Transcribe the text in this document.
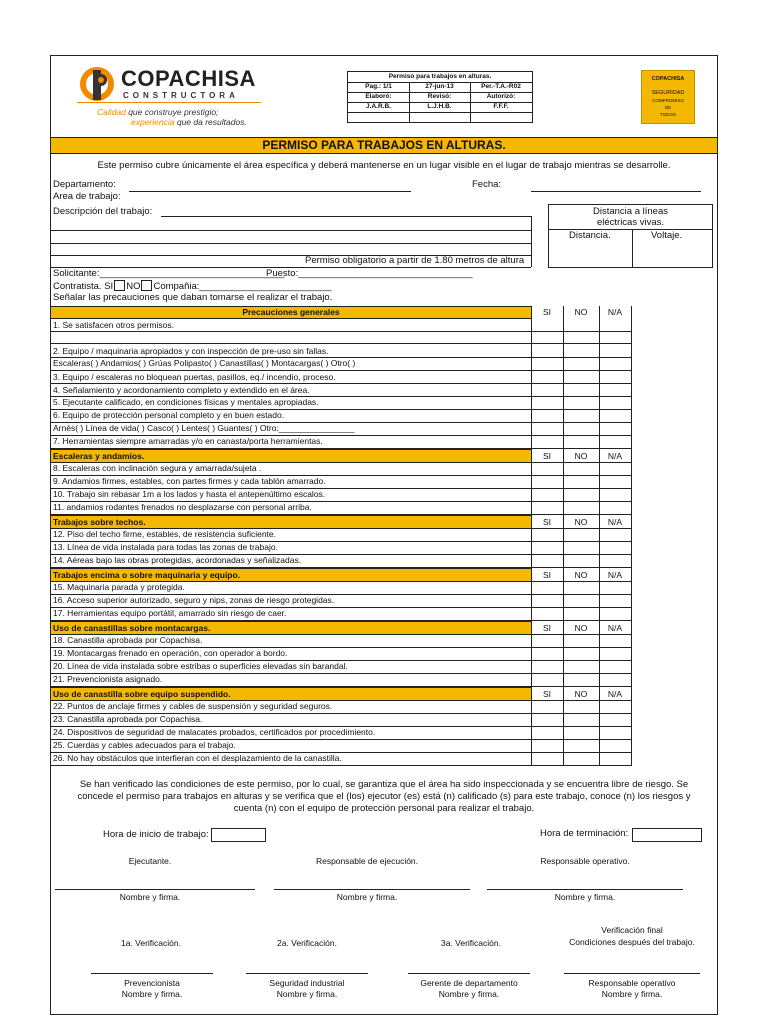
COPACHISA
CONSTRUCTORA
Calidad que construye prestigio;
experiencia que da resultados.
Permiso para trabajos en alturas.
Pag.: 1/1	27-jun-13	Per.-T.A.-R02
Elaboró:	Revisó:	Autorizó:
J.A.R.B.	L.J.H.B.	F.F.F.
COPACHISA
SEGURIDAD
COMPROMISO
DE
TODOS
PERMISO PARA TRABAJOS EN ALTURAS.
Este permiso cubre únicamente el área específica y deberá mantenerse en un lugar visible en el lugar de trabajo mientras se desarrolle.
Departamento:	Fecha:
Area de trabajo:
Descripción del trabajo:
Permiso obligatorio a partir de 1.80 metros de altura
Distancia a líneas
eléctricas vivas.
Distancia.	Voltaje.
Solicitante:___________________________________
Puesto:_________________________________
Contratista. SI NO Compañia:_________________________
Señalar las precauciones que daban tomarse el realizar el trabajo.
Precauciones generales	SI	NO	N/A
1. Se satisfacen otros permisos.
2. Equipo / maquinaria apropiados y con inspección de pre-uso sin fallas.
Escaleras( ) Andamios( ) Grúas Polipasto( ) Canastillas( ) Montacargas( ) Otro( )
3. Equipo / escaleras no bloquean puertas, pasillos, eq./ incendio, proceso.
4. Señalamiento y acordonamiento completo y extendido en el área.
5. Ejecutante calificado, en condiciones físicas y mentales apropiadas.
6. Equipo de protección personal completo y en buen estado.
Arnés( ) Línea de vida( ) Casco( ) Lentes( ) Guantes( ) Otro:________________
7. Herramientas siempre amarradas y/o en canasta/porta herramientas.
Escaleras y andamios.	SI	NO	N/A
8. Escaleras con inclinación segura y amarrada/sujeta .
9. Andamios firmes, estables, con partes firmes y cada tablón amarrado.
10. Trabajo sin rebasar 1m a los lados y hasta el antepenúltimo escalos.
11. andamios rodantes frenados no desplazarse con personal arriba.
Trabajos sobre techos.	SI	NO	N/A
12. Piso del techo firme, estables, de resistencia suficiente.
13. Línea de vida instalada para todas las zonas de trabajo.
14. Aéreas bajo las obras protegidas, acordonadas y señalizadas.
Trabajos encima o sobre maquinaria y equipo.	SI	NO	N/A
15. Maquinaria parada y protegida.
16. Acceso superior autorizado, seguro y nips, zonas de riesgo protegidas.
17. Herramientas equipo portátil, amarrado sin riesgo de caer.
Uso de canastillas sobre montacargas.	SI	NO	N/A
18. Canastilla aprobada por Copachisa.
19. Montacargas frenado en operación, con operador a bordo.
20. Línea de vida instalada sobre estribas o superficies elevadas sin barandal.
21. Prevencionista asignado.
Uso de canastilla sobre equipo suspendido.	SI	NO	N/A
22. Puntos de anclaje firmes y cables de suspensión y seguridad seguros.
23. Canastilla aprobada por Copachisa.
24. Dispositivos de seguridad de malacates probados, certificados por procedimiento.
25. Cuerdas y cables adecuados para el trabajo.
26. No hay obstáculos que interfieran con el desplazamiento de la canastilla.
Se han verificado las condiciones de este permiso, por lo cual, se garantiza que el área ha sido inspeccionada y se encuentra libre de riesgo. Se
concede el permiso para trabajos en alturas y se verifica que el (los) ejecutor (es) está (n) calificado (s) para este trabajo, conoce (n) los riesgos y
cuenta (n) con el equipo de protección personal para realizar el trabajo.
Hora de inicio de trabajo:	Hora de terminación:
Ejecutante.	Responsable de ejecución.	Responsable operativo.
Nombre y firma.	Nombre y firma.	Nombre y firma.
1a. Verificación.	2a. Verificación.	3a. Verificación.
Verificación final
Condiciones después del trabajo.
Prevencionista
Nombre y firma.
Seguridad industrial
Nombre y firma.
Gerente de departamento
Nombre y firma.
Responsable operativo
Nombre y firma.
